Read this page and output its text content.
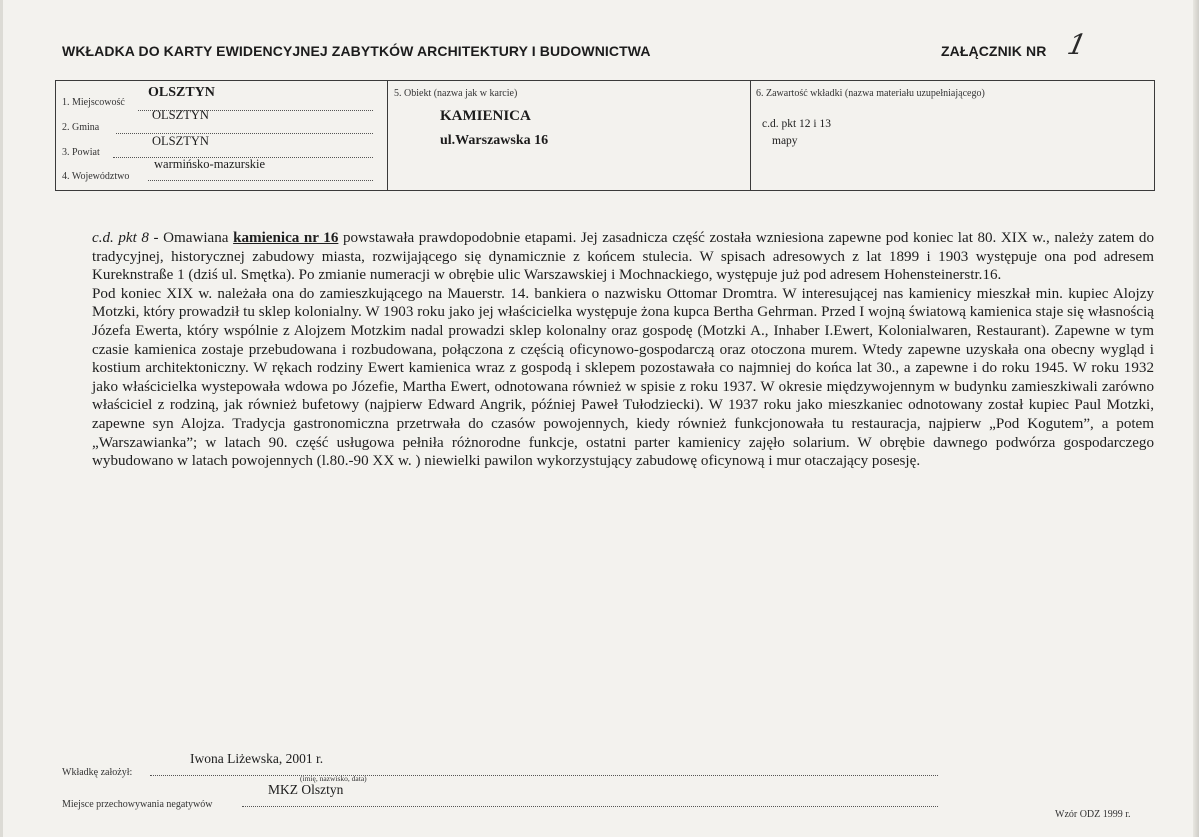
WKŁADKA DO KARTY EWIDENCYJNEJ ZABYTKÓW ARCHITEKTURY I BUDOWNICTWA	ZAŁĄCZNIK NR 1
1. Miejscowość
OLSZTYN
2. Gmina
OLSZTYN
3. Powiat
OLSZTYN
4. Województwo
warmińsko-mazurskie
5. Obiekt (nazwa jak w karcie)
KAMIENICA
ul.Warszawska 16
6. Zawartość wkładki (nazwa materiału uzupełniającego)
c.d. pkt 12 i 13
mapy

c.d. pkt 8 - Omawiana kamienica nr 16 powstawała prawdopodobnie etapami. Jej zasadnicza część została wzniesiona zapewne pod koniec lat 80. XIX w., należy zatem do tradycyjnej, historycznej zabudowy miasta, rozwijającego się dynamicznie z końcem stulecia. W spisach adresowych z lat 1899 i 1903 występuje ona pod adresem Kureknstraße 1 (dziś ul. Smętka). Po zmianie numeracji w obrębie ulic Warszawskiej i Mochnackiego, występuje już pod adresem Hohensteinerstr.16.

Pod koniec XIX w. należała ona do zamieszkującego na Mauerstr. 14. bankiera o nazwisku Ottomar Dromtra. W interesującej nas kamienicy mieszkał min. kupiec Alojzy Motzki, który prowadził tu sklep kolonialny. W 1903 roku jako jej właścicielka występuje żona kupca Bertha Gehrman. Przed I wojną światową kamienica staje się własnością Józefa Ewerta, który wspólnie z Alojzem Motzkim nadal prowadzi sklep kolonalny oraz gospodę (Motzki A., Inhaber I.Ewert, Kolonialwaren, Restaurant). Zapewne w tym czasie kamienica zostaje przebudowana i rozbudowana, połączona z częścią oficynowo-gospodarczą oraz otoczona murem. Wtedy zapewne uzyskała ona obecny wygląd i kostium architektoniczny. W rękach rodziny Ewert kamienica wraz z gospodą i sklepem pozostawała co najmniej do końca lat 30., a zapewne i do roku 1945. W roku 1932 jako właścicielka wystepowała wdowa po Józefie, Martha Ewert, odnotowana również w spisie z roku 1937. W okresie międzywojennym w budynku zamieszkiwali zarówno właściciel z rodziną, jak również bufetowy (najpierw Edward Angrik, później Paweł Tułodziecki). W 1937 roku jako mieszkaniec odnotowany został kupiec Paul Motzki, zapewne syn Alojza. Tradycja gastronomiczna przetrwała do czasów powojennych, kiedy również funkcjonowała tu restauracja, najpierw „Pod Kogutem”, a potem „Warszawianka”; w latach 90. część usługowa pełniła różnorodne funkcje, ostatni parter kamienicy zajęło solarium. W obrębie dawnego podwórza gospodarczego wybudowano w latach powojennych (l.80.-90 XX w. ) niewielki pawilon wykorzystujący zabudowę oficynową i mur otaczający posesję.

Iwona Liżewska, 2001 r.
Wkładkę założył:
(imię, nazwisko, data)
MKZ Olsztyn
Miejsce przechowywania negatywów
Wzór ODZ 1999 r.
